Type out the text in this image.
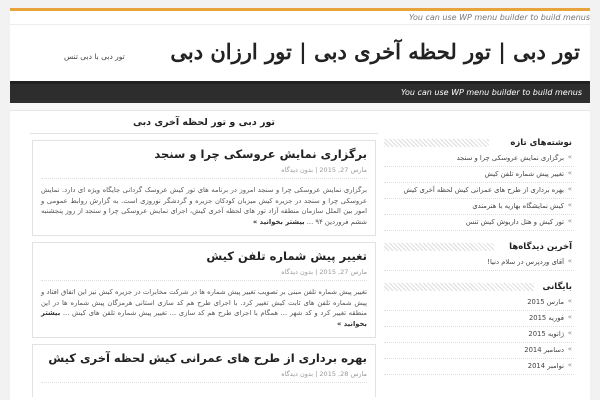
You can use WP menu builder to build menus
تور دبی | تور لحظه آخری دبی | تور ارزان دبی
تور دبی با دبی تنس
You can use WP menu builder to build menus
تور دبی و تور لحظه آخری دبی
برگزاری نمایش عروسکی چرا و سنجد
مارس 27, 2015 | بدون دیدگاه
برگزاری نمایش عروسکی چرا و سنجد امروز در برنامه های تور کیش عروسک گردانی جایگاه ویژه ای دارد. نمایش عروسکی چرا و سنجد در جزیره کیش میزبان کودکان جزیره و گردشگر نوروزی است. به گزارش روابط عمومی و امور بین الملل سازمان منطقه آزاد تور های لحظه آخری کیش، اجرای نمایش عروسکی چرا و سنجد از روز پنجشنبه ششم فروردین ۹۴ ... بیشتر بخوانید »
تغییر پیش شماره تلفن کیش
مارس 27, 2015 | بدون دیدگاه
تغییر پیش شماره تلفن مبنی بر تصویب تغییر پیش شماره ها در شرکت مخابرات در جزیره کیش نیز این اتفاق افتاد و پیش شماره تلفن های ثابت کیش تغییر کرد. با اجرای طرح هم کد سازی استانی هرمزگان پیش شماره ها در این منطقه تغییر کرد و کد شهر ... همگام با اجرای طرح هم کد سازی ... تغییر پیش شماره تلفن های کیش ... بیشتر بخوانید »
بهره برداری از طرح های عمرانی کیش لحظه آخری کیش
مارس 28, 2015 | بدون دیدگاه
نوشته‌های تازه
» برگزاری نمایش عروسکی چرا و سنجد
» تغییر پیش شماره تلفن کیش
» بهره برداری از طرح های عمرانی کیش لحظه آخری کیش
» کیش نمایشگاه بهاریه با هنرمندی
» تور کیش و هتل داریوش کیش تنس
آخرین دیدگاه‌ها
» آقای وردپرس در سلام دنیا!
بایگانی
» مارس 2015
» فوریه 2015
» ژانویه 2015
» دسامبر 2014
» نوامبر 2014
